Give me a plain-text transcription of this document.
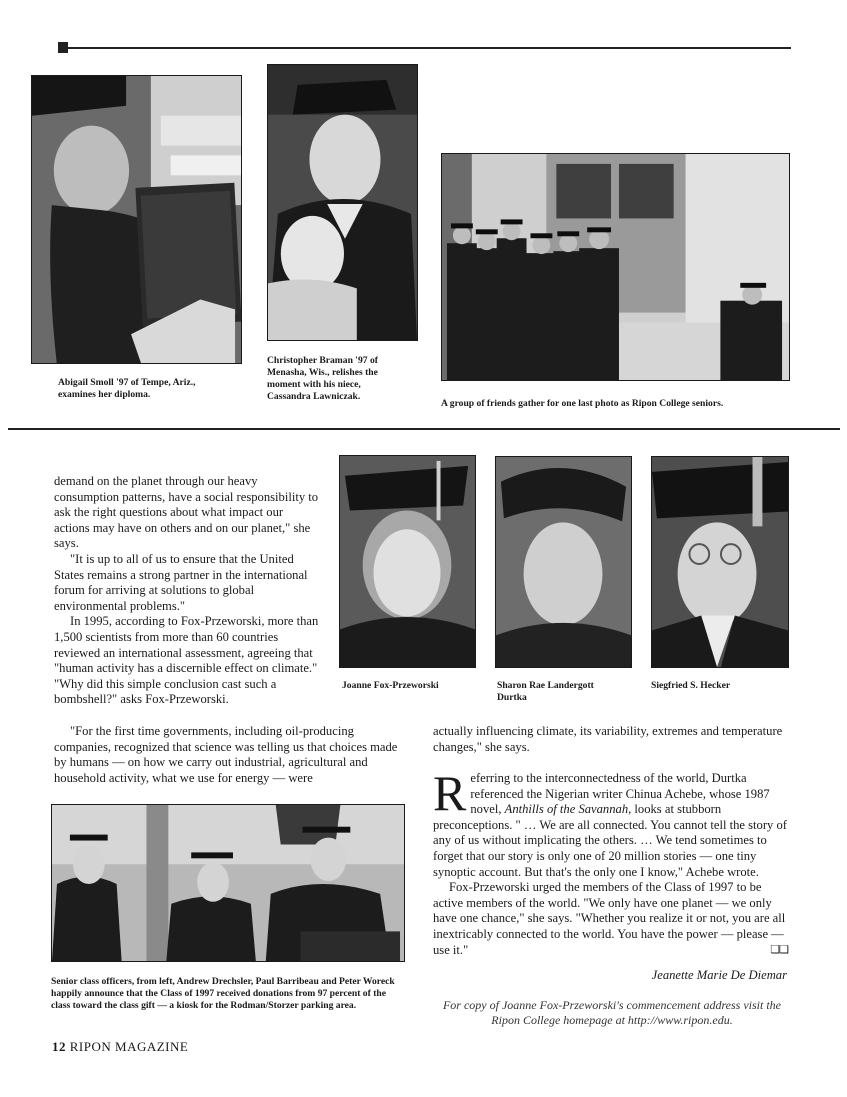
Abigail Smoll '97 of Tempe, Ariz., examines her diploma.
Christopher Braman '97 of Menasha, Wis., relishes the moment with his niece, Cassandra Lawniczak.
A group of friends gather for one last photo as Ripon College seniors.

demand on the planet through our heavy consumption patterns, have a social responsibility to ask the right questions about what impact our actions may have on others and on our planet," she says.

"It is up to all of us to ensure that the United States remains a strong partner in the international forum for arriving at solutions to global environmental problems."

In 1995, according to Fox-Przeworski, more than 1,500 scientists from more than 60 countries reviewed an international assessment, agreeing that "human activity has a discernible effect on climate." "Why did this simple conclusion cast such a bombshell?" asks Fox-Przeworski.

"For the first time governments, including oil-producing companies, recognized that science was telling us that choices made by humans — on how we carry out industrial, agricultural and household activity, what we use for energy — were

Joanne Fox-Przeworski	Sharon Rae Landergott Durtka
Siegfried S. Hecker
Senior class officers, from left, Andrew Drechsler, Paul Barribeau and Peter Woreck happily announce that the Class of 1997 received donations from 97 percent of the class toward the class gift — a kiosk for the Rodman/Storzer parking area.

actually influencing climate, its variability, extremes and temperature changes," she says.

Referring to the interconnectedness of the world, Durtka referenced the Nigerian writer Chinua Achebe, whose 1987 novel, Anthills of the Savannah, looks at stubborn preconceptions. " … We are all connected. You cannot tell the story of any of us without implicating the others. … We tend sometimes to forget that our story is only one of 20 million stories — one tiny synoptic account. But that's the only one I know," Achebe wrote.

Fox-Przeworski urged the members of the Class of 1997 to be active members of the world. "We only have one planet — we only have one chance," she says. "Whether you realize it or not, you are all inextricably connected to the world. You have the power — please — use it."	❏❏

Jeanette Marie De Diemar
For copy of Joanne Fox-Przeworski's commencement address visit the Ripon College homepage at http://www.ripon.edu.
12 RIPON MAGAZINE
